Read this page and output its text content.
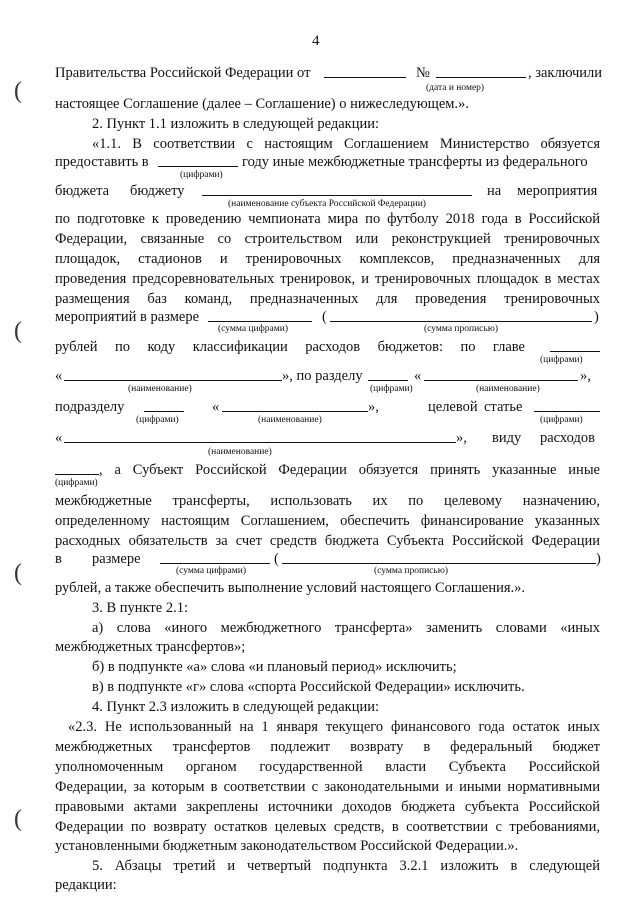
4
(
(
(
(
Правительства Российской Федерации от	№	, заключили
(дата и номер)
настоящее Соглашение (далее – Соглашение) о нижеследующем.».
2. Пункт 1.1 изложить в следующей редакции:
«1.1. В соответствии с настоящим Соглашением Министерство обязуется
предоставить в	году иные межбюджетные трансферты из федерального
(цифрами)
бюджета бюджету	на мероприятия
(наименование субъекта Российской Федерации)
по подготовке к проведению чемпионата мира по футболу 2018 года в Российской
Федерации, связанные со строительством или реконструкцией тренировочных
площадок, стадионов и тренировочных комплексов, предназначенных для
проведения предсоревновательных тренировок, и тренировочных площадок в местах
размещения баз команд, предназначенных для проведения тренировочных
мероприятий в размере	(	)
(сумма цифрами)	(сумма прописью)
рублей по коду классификации расходов бюджетов: по главе
(цифрами)
«	», по разделу	«	»,
(наименование)	(цифрами)	(наименование)
подразделу	«	»,	целевой статье
(цифрами)	(наименование)	(цифрами)
«	», виду расходов
(наименование)
, а Субъект Российской Федерации обязуется принять указанные иные
(цифрами)
межбюджетные трансферты, использовать их по целевому назначению,
определенному настоящим Соглашением, обеспечить финансирование указанных
расходных обязательств за счет средств бюджета Субъекта Российской Федерации
в размере	(	)
(сумма цифрами)	(сумма прописью)
рублей, а также обеспечить выполнение условий настоящего Соглашения.».
3. В пункте 2.1:
а) слова «иного межбюджетного трансферта» заменить словами «иных
межбюджетных трансфертов»;
б) в подпункте «а» слова «и плановый период» исключить;
в) в подпункте «г» слова «спорта Российской Федерации» исключить.
4. Пункт 2.3 изложить в следующей редакции:
«2.3. Не использованный на 1 января текущего финансового года остаток иных
межбюджетных трансфертов подлежит возврату в федеральный бюджет
уполномоченным органом государственной власти Субъекта Российской
Федерации, за которым в соответствии с законодательными и иными нормативными
правовыми актами закреплены источники доходов бюджета субъекта Российской
Федерации по возврату остатков целевых средств, в соответствии с требованиями,
установленными бюджетным законодательством Российской Федерации.».
5. Абзацы третий и четвертый подпункта 3.2.1 изложить в следующей
редакции:
